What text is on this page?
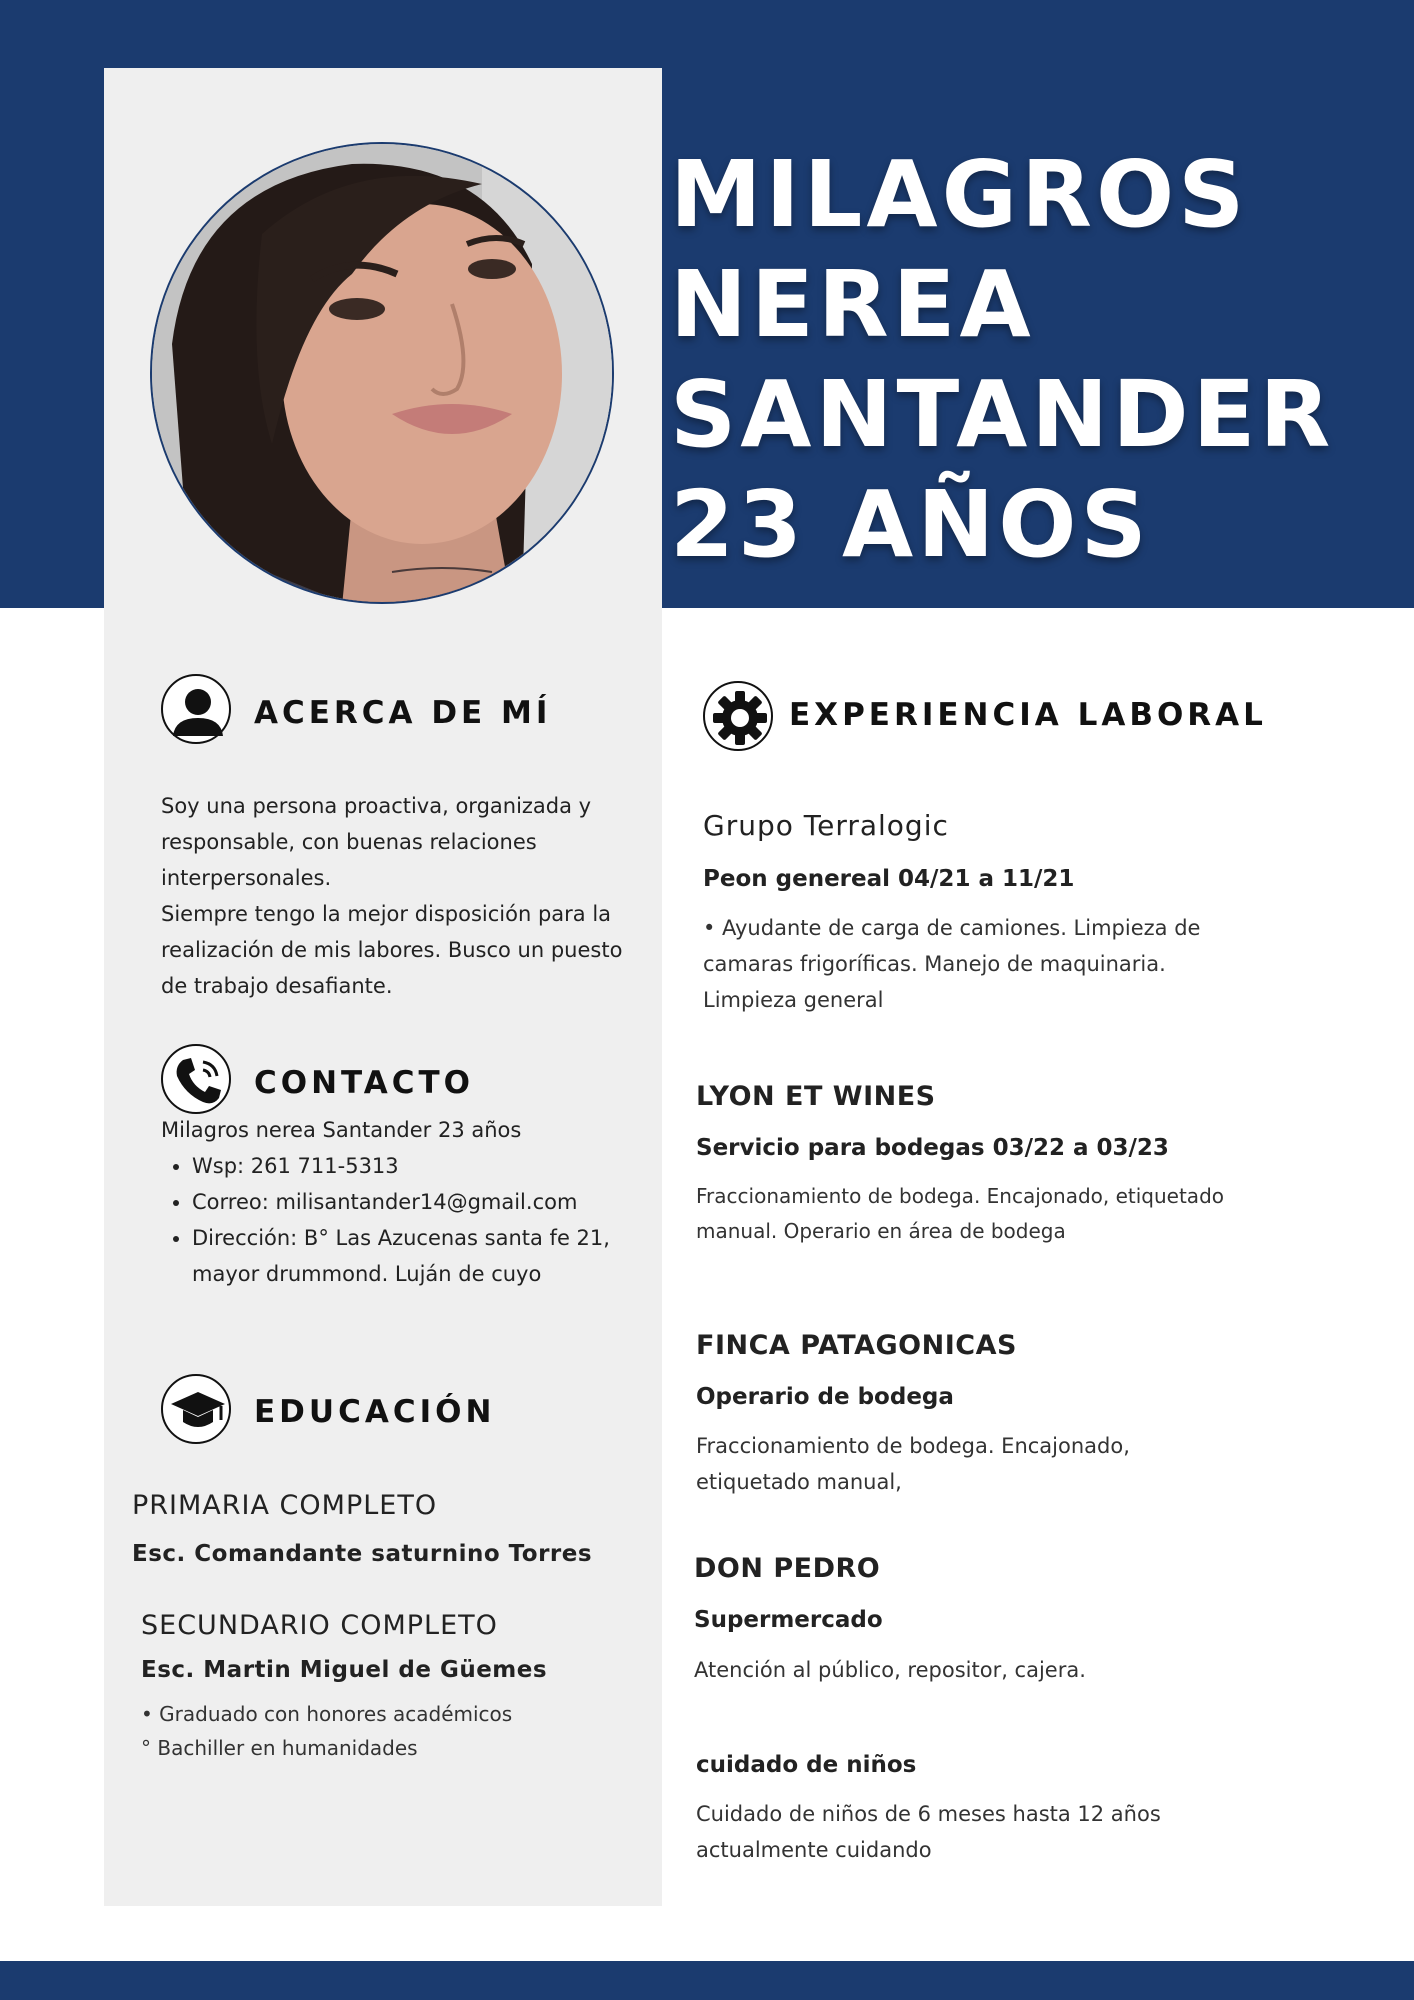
MILAGROS
NEREA
SANTANDER
23 AÑOS
ACERCA DE MÍ

Soy una persona proactiva, organizada y responsable, con buenas relaciones interpersonales.

Siempre tengo la mejor disposición para la realización de mis labores. Busco un puesto de trabajo desafiante.

CONTACTO

Milagros nerea Santander 23 años

• Wsp: 261 711-5313
• Correo: milisantander14@gmail.com
• Dirección: B° Las Azucenas santa fe 21, mayor drummond. Luján de cuyo
EDUCACIÓN
PRIMARIA COMPLETO

Esc. Comandante saturnino Torres

SECUNDARIO COMPLETO

Esc. Martin Miguel de Güemes

• Graduado con honores académicos
° Bachiller en humanidades
EXPERIENCIA LABORAL
Grupo Terralogic

Peon genereal 04/21 a 11/21

• Ayudante de carga de camiones. Limpieza de camaras frigoríficas. Manejo de maquinaria. Limpieza general

LYON ET WINES

Servicio para bodegas 03/22 a 03/23

Fraccionamiento de bodega. Encajonado, etiquetado manual. Operario en área de bodega

FINCA PATAGONICAS

Operario de bodega

Fraccionamiento de bodega. Encajonado, etiquetado manual,

DON PEDRO

Supermercado

Atención al público, repositor, cajera.

cuidado de niños

Cuidado de niños de 6 meses hasta 12 años actualmente cuidando
